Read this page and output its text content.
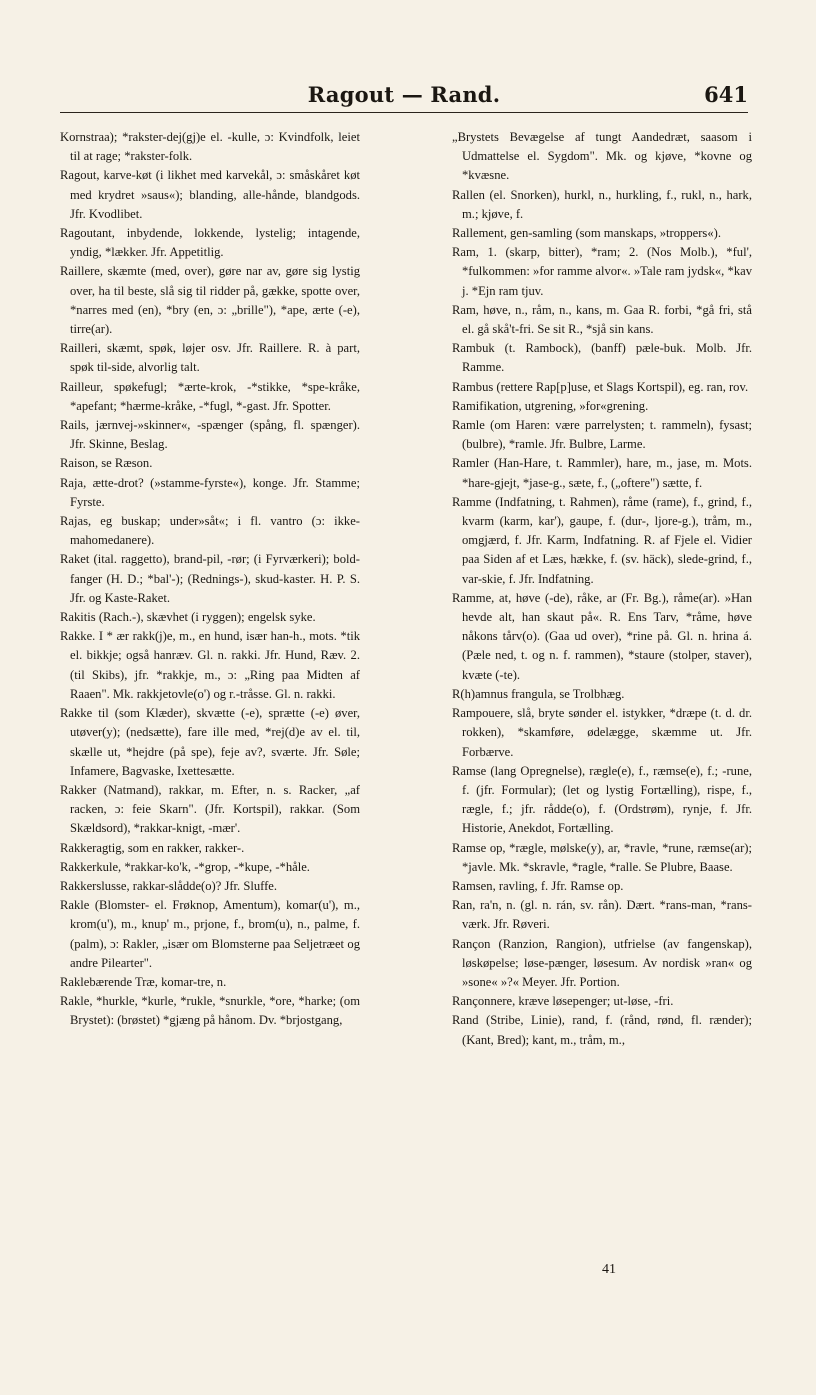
Ragout — Rand.	641

Kornstraa); *rakster-dej(gj)e el. -kulle, ɔ: Kvindfolk, leiet til at rage; *rakster-folk.

Ragout, karve-køt (i likhet med karvekål, ɔ: småskåret køt med krydret »saus«); blanding, alle-hånde, blandgods. Jfr. Kvodlibet.

Ragoutant, inbydende, lokkende, lystelig; intagende, yndig, *lækker. Jfr. Appetitlig.

Raillere, skæmte (med, over), gøre nar av, gøre sig lystig over, ha til beste, slå sig til ridder på, gække, spotte over, *narres med (en), *bry (en, ɔ: „brille"), *ape, ærte (-e), tirre(ar).

Railleri, skæmt, spøk, løjer osv. Jfr. Raillere. R. à part, spøk til-side, alvorlig talt.

Railleur, spøkefugl; *ærte-krok, -*stikke, *spe-kråke, *apefant; *hærme-kråke, -*fugl, *-gast. Jfr. Spotter.

Rails, jærnvej-»skinner«, -spænger (spång, fl. spænger). Jfr. Skinne, Beslag.

Raison, se Ræson.

Raja, ætte-drot? (»stamme-fyrste«), konge. Jfr. Stamme; Fyrste.

Rajas, eg buskap; under»såt«; i fl. vantro (ɔ: ikke-mahomedanere).

Raket (ital. raggetto), brand-pil, -rør; (i Fyrværkeri); bold-fanger (H. D.; *bal'-); (Rednings-), skud-kaster. H. P. S. Jfr. og Kaste-Raket.

Rakitis (Rach.-), skævhet (i ryggen); engelsk syke.

Rakke. I * ær rakk(j)e, m., en hund, især han-h., mots. *tik el. bikkje; også hanræv. Gl. n. rakki. Jfr. Hund, Ræv. 2. (til Skibs), jfr. *rakkje, m., ɔ: „Ring paa Midten af Raaen". Mk. rakkjetovle(o') og r.-tråsse. Gl. n. rakki.

Rakke til (som Klæder), skvætte (-e), sprætte (-e) øver, utøver(y); (nedsætte), fare ille med, *rej(d)e av el. til, skælle ut, *hejdre (på spe), feje av?, sværte. Jfr. Søle; Infamere, Bagvaske, Ixettesætte.

Rakker (Natmand), rakkar, m. Efter, n. s. Racker, „af racken, ɔ: feie Skarn". (Jfr. Kortspil), rakkar. (Som Skældsord), *rakkar-knigt, -mær'.

Rakkeragtig, som en rakker, rakker-.

Rakkerkule, *rakkar-ko'k, -*grop, -*kupe, -*håle.

Rakkerslusse, rakkar-slådde(o)? Jfr. Sluffe.

Rakle (Blomster- el. Frøknop, Amentum), komar(u'), m., krom(u'), m., knup' m., prjone, f., brom(u), n., palme, f. (palm), ɔ: Rakler, „især om Blomsterne paa Seljetræet og andre Pilearter".

Raklebærende Træ, komar-tre, n.

Rakle, *hurkle, *kurle, *rukle, *snurkle, *ore, *harke; (om Brystet): (brøstet) *gjæng på hånom. Dv. *brjostgang,

„Brystets Bevægelse af tungt Aandedræt, saasom i Udmattelse el. Sygdom". Mk. og kjøve, *kovne og *kvæsne.

Rallen (el. Snorken), hurkl, n., hurkling, f., rukl, n., hark, m.; kjøve, f.

Rallement, gen-samling (som manskaps, »troppers«).

Ram, 1. (skarp, bitter), *ram; 2. (Nos Molb.), *ful', *fulkommen: »for ramme alvor«. »Tale ram jydsk«, *kav j. *Ejn ram tjuv.

Ram, høve, n., råm, n., kans, m. Gaa R. forbi, *gå fri, stå el. gå skå't-fri. Se sit R., *sjå sin kans.

Rambuk (t. Rambock), (banff) pæle-buk. Molb. Jfr. Ramme.

Rambus (rettere Rap[p]use, et Slags Kortspil), eg. ran, rov.

Ramifikation, utgrening, »for«grening.

Ramle (om Haren: være parrelysten; t. rammeln), fysast; (bulbre), *ramle. Jfr. Bulbre, Larme.

Ramler (Han-Hare, t. Rammler), hare, m., jase, m. Mots. *hare-gjejt, *jase-g., sæte, f., („oftere") sætte, f.

Ramme (Indfatning, t. Rahmen), råme (rame), f., grind, f., kvarm (karm, kar'), gaupe, f. (dur-, ljore-g.), tråm, m., omgjærd, f. Jfr. Karm, Indfatning. R. af Fjele el. Vidier paa Siden af et Læs, hække, f. (sv. häck), slede-grind, f., var-skie, f. Jfr. Indfatning.

Ramme, at, høve (-de), råke, ar (Fr. Bg.), råme(ar). »Han hevde alt, han skaut på«. R. Ens Tarv, *råme, høve nåkons tårv(o). (Gaa ud over), *rine på. Gl. n. hrina á. (Pæle ned, t. og n. f. rammen), *staure (stolper, staver), kvæte (-te).

R(h)amnus frangula, se Trolbhæg.

Rampouere, slå, bryte sønder el. istykker, *dræpe (t. d. dr. rokken), *skamføre, ødelægge, skæmme ut. Jfr. Forbærve.

Ramse (lang Opregnelse), rægle(e), f., ræmse(e), f.; -rune, f. (jfr. Formular); (let og lystig Fortælling), rispe, f., rægle, f.; jfr. rådde(o), f. (Ordstrøm), rynje, f. Jfr. Historie, Anekdot, Fortælling.

Ramse op, *rægle, mølske(y), ar, *ravle, *rune, ræmse(ar); *javle. Mk. *skravle, *ragle, *ralle. Se Plubre, Baase.

Ramsen, ravling, f. Jfr. Ramse op.

Ran, ra'n, n. (gl. n. rán, sv. rån). Dært. *rans-man, *rans-værk. Jfr. Røveri.

Rançon (Ranzion, Rangion), utfrielse (av fangenskap), løskøpelse; løse-pænger, løsesum. Av nordisk »ran« og »sone« »?« Meyer. Jfr. Portion.

Rançonnere, kræve løsepenger; ut-løse, -fri.

Rand (Stribe, Linie), rand, f. (rånd, rønd, fl. rænder); (Kant, Bred); kant, m., tråm, m.,

41
